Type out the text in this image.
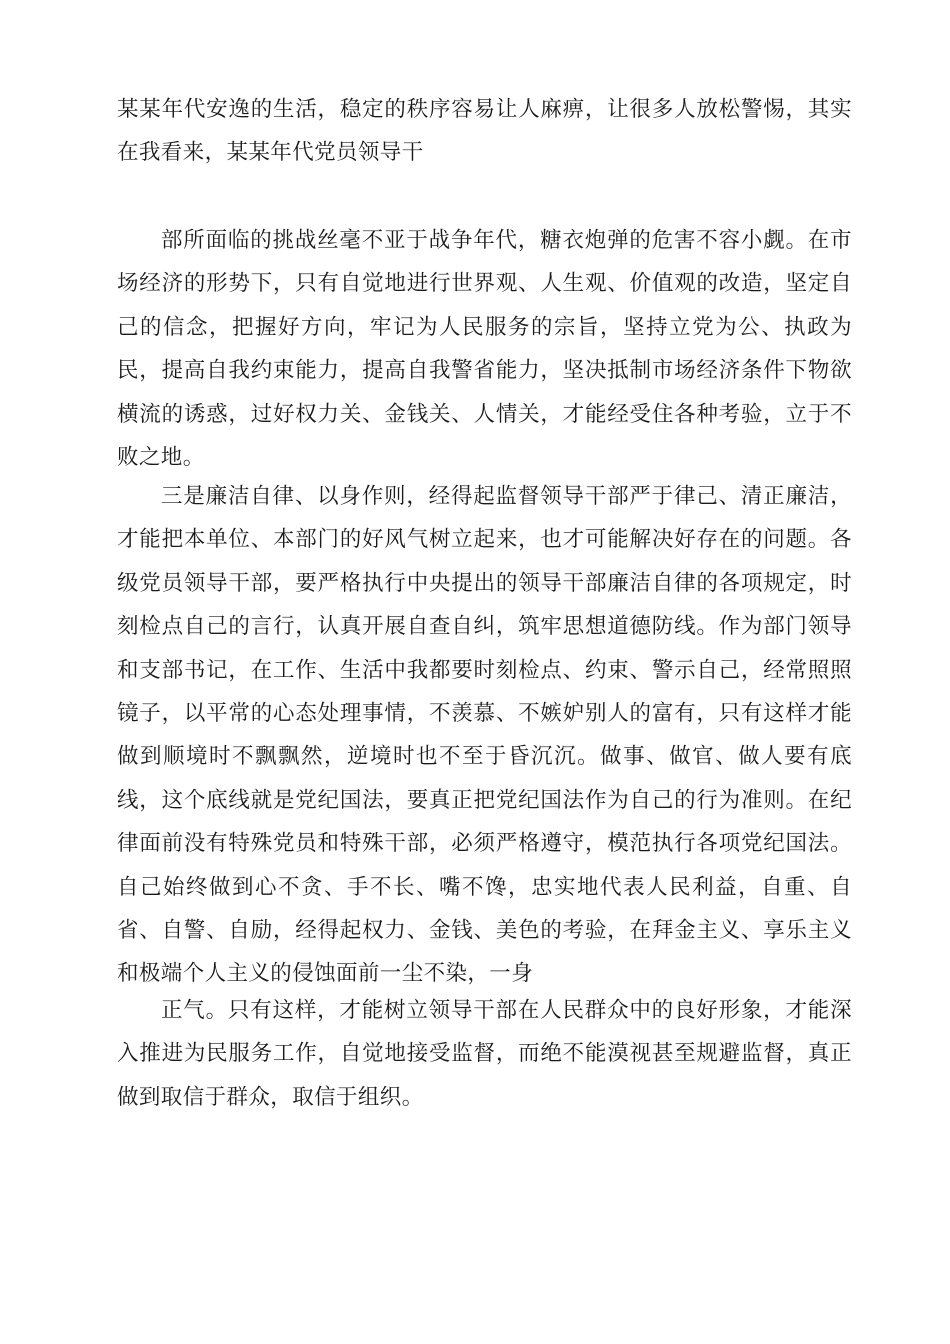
某某年代安逸的生活，稳定的秩序容易让人麻痹，让很多人放松警惕，其实在我看来，某某年代党员领导干

部所面临的挑战丝毫不亚于战争年代，糖衣炮弹的危害不容小觑。在市场经济的形势下，只有自觉地进行世界观、人生观、价值观的改造，坚定自己的信念，把握好方向，牢记为人民服务的宗旨，坚持立党为公、执政为民，提高自我约束能力，提高自我警省能力，坚决抵制市场经济条件下物欲横流的诱惑，过好权力关、金钱关、人情关，才能经受住各种考验，立于不败之地。

三是廉洁自律、以身作则，经得起监督领导干部严于律己、清正廉洁，才能把本单位、本部门的好风气树立起来，也才可能解决好存在的问题。各级党员领导干部，要严格执行中央提出的领导干部廉洁自律的各项规定，时刻检点自己的言行，认真开展自查自纠，筑牢思想道德防线。作为部门领导和支部书记，在工作、生活中我都要时刻检点、约束、警示自己，经常照照镜子，以平常的心态处理事情，不羡慕、不嫉妒别人的富有，只有这样才能做到顺境时不飘飘然，逆境时也不至于昏沉沉。做事、做官、做人要有底线，这个底线就是党纪国法，要真正把党纪国法作为自己的行为准则。在纪律面前没有特殊党员和特殊干部，必须严格遵守，模范执行各项党纪国法。自己始终做到心不贪、手不长、嘴不馋，忠实地代表人民利益，自重、自省、自警、自励，经得起权力、金钱、美色的考验，在拜金主义、享乐主义和极端个人主义的侵蚀面前一尘不染，一身

正气。只有这样，才能树立领导干部在人民群众中的良好形象，才能深入推进为民服务工作，自觉地接受监督，而绝不能漠视甚至规避监督，真正做到取信于群众，取信于组织。
